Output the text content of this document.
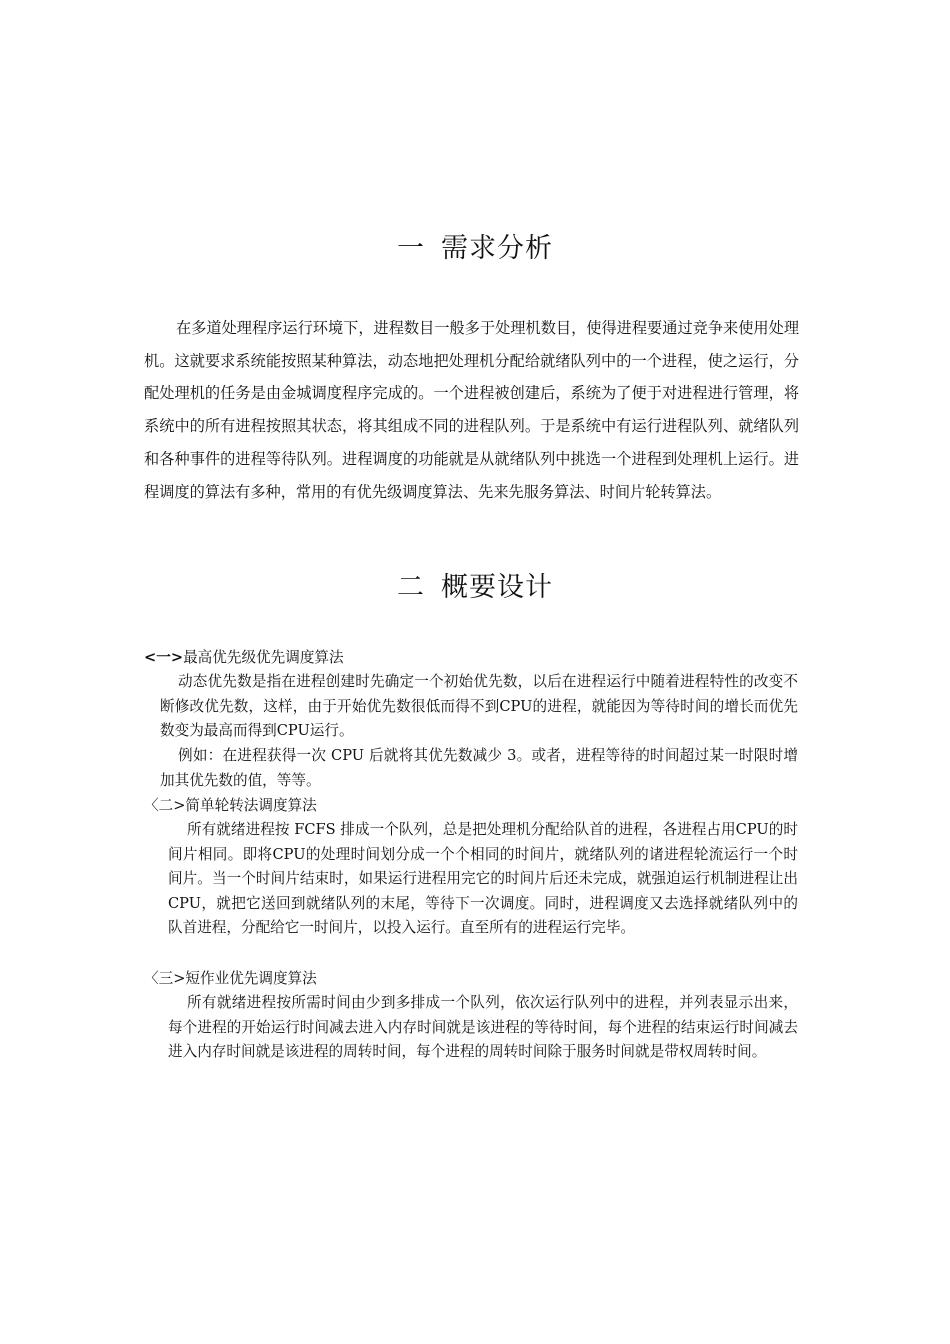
一 需求分析

在多道处理程序运行环境下，进程数目一般多于处理机数目，使得进程要通过竞争来使用处理机。这就要求系统能按照某种算法，动态地把处理机分配给就绪队列中的一个进程，使之运行，分配处理机的任务是由金城调度程序完成的。一个进程被创建后，系统为了便于对进程进行管理，将系统中的所有进程按照其状态，将其组成不同的进程队列。于是系统中有运行进程队列、就绪队列和各种事件的进程等待队列。进程调度的功能就是从就绪队列中挑选一个进程到处理机上运行。进程调度的算法有多种，常用的有优先级调度算法、先来先服务算法、时间片轮转算法。

二 概要设计

<一>最高优先级优先调度算法

动态优先数是指在进程创建时先确定一个初始优先数，以后在进程运行中随着进程特性的改变不断修改优先数，这样，由于开始优先数很低而得不到CPU的进程，就能因为等待时间的增长而优先数变为最高而得到CPU运行。

例如：在进程获得一次 CPU 后就将其优先数减少 3。或者，进程等待的时间超过某一时限时增加其优先数的值，等等。

〈二>简单轮转法调度算法

所有就绪进程按 FCFS 排成一个队列，总是把处理机分配给队首的进程，各进程占用CPU的时间片相同。即将CPU的处理时间划分成一个个相同的时间片，就绪队列的诸进程轮流运行一个时间片。当一个时间片结束时，如果运行进程用完它的时间片后还未完成，就强迫运行机制进程让出CPU，就把它送回到就绪队列的末尾，等待下一次调度。同时，进程调度又去选择就绪队列中的队首进程，分配给它一时间片，以投入运行。直至所有的进程运行完毕。

〈三>短作业优先调度算法

所有就绪进程按所需时间由少到多排成一个队列，依次运行队列中的进程，并列表显示出来，每个进程的开始运行时间减去进入内存时间就是该进程的等待时间，每个进程的结束运行时间减去进入内存时间就是该进程的周转时间，每个进程的周转时间除于服务时间就是带权周转时间。
